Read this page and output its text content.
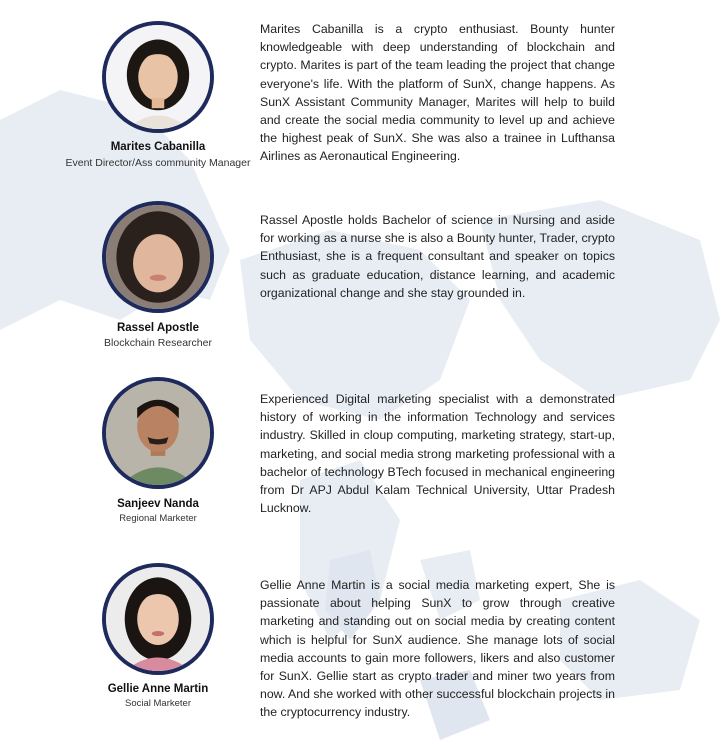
Marites Cabanilla
Event Director/Ass community Manager
Marites Cabanilla is a crypto enthusiast. Bounty hunter knowledgeable with deep understanding of blockchain and crypto. Marites is part of the team leading the project that change everyone's life. With the platform of SunX, change happens. As SunX Assistant Community Manager, Marites will help to build and create the social media community to level up and achieve the highest peak of SunX. She was also a trainee in Lufthansa Airlines as Aeronautical Engineering.
Rassel Apostle
Blockchain Researcher
Rassel Apostle holds Bachelor of science in Nursing and aside for working as a nurse she is also a Bounty hunter, Trader, crypto Enthusiast, she is a frequent consultant and speaker on topics such as graduate education, distance learning, and academic organizational change and she stay grounded in.
Sanjeev Nanda
Regional Marketer
Experienced Digital marketing specialist with a demonstrated history of working in the information Technology and services industry. Skilled in cloup computing, marketing strategy, start-up, marketing, and social media strong marketing professional with a bachelor of technology BTech focused in mechanical engineering from Dr APJ Abdul Kalam Technical University, Uttar Pradesh Lucknow.
Gellie Anne Martin
Social Marketer
Gellie Anne Martin is a social media marketing expert, She is passionate about helping SunX to grow through creative marketing and standing out on social media by creating content which is helpful for SunX audience. She manage lots of social media accounts to gain more followers, likers and also customer for SunX. Gellie start as crypto trader and miner two years from now. And she worked with other successful blockchain projects in the cryptocurrency industry.
